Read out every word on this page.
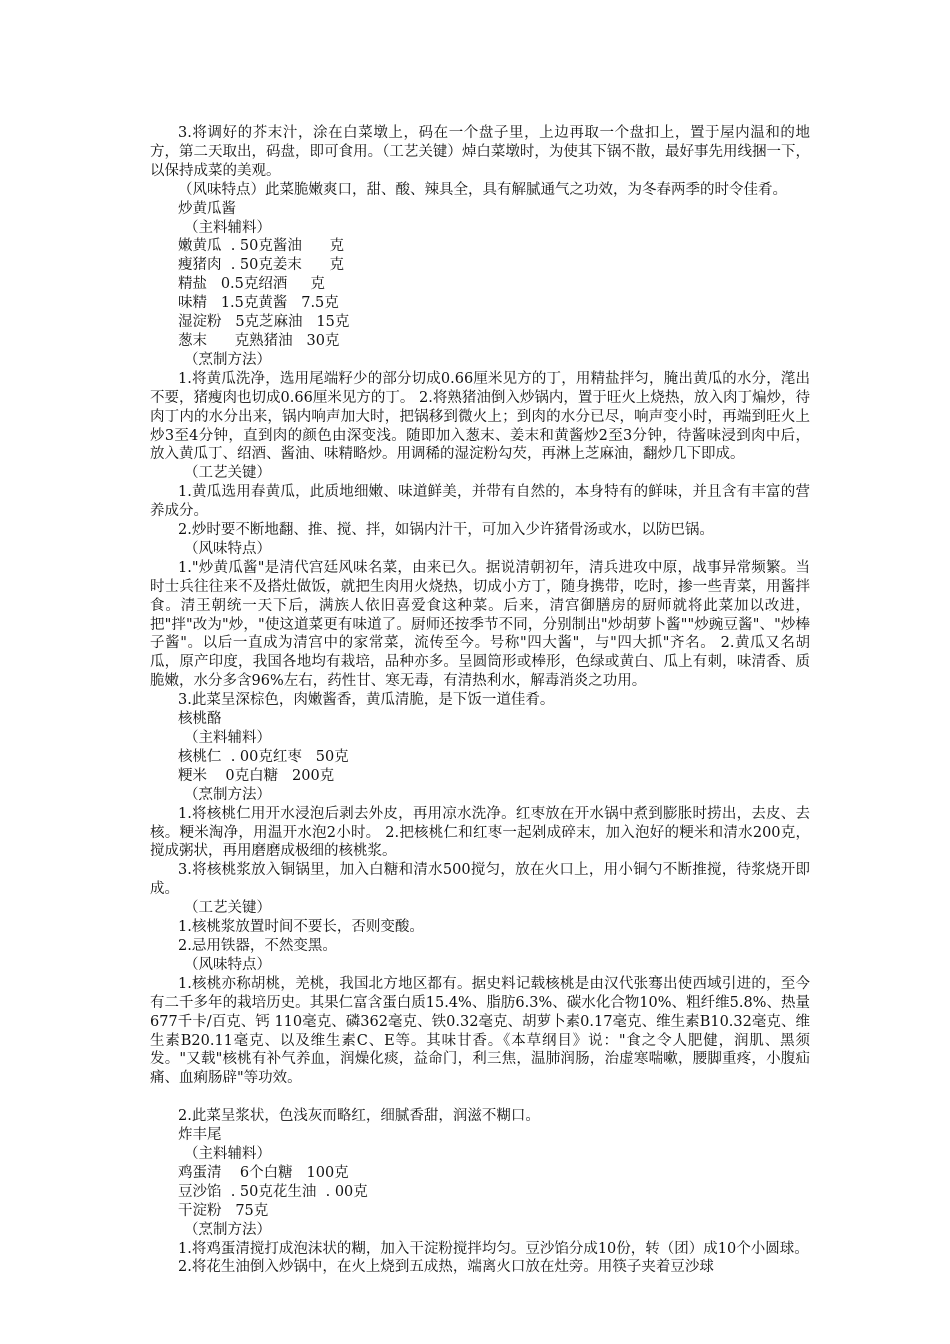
3.将调好的芥末汁，涂在白菜墩上，码在一个盘子里，上边再取一个盘扣上，置于屋内温和的地方，第二天取出，码盘，即可食用。（工艺关键）焯白菜墩时，为使其下锅不散，最好事先用线捆一下，以保持成菜的美观。

（风味特点）此菜脆嫩爽口，甜、酸、辣具全，具有解腻通气之功效，为冬春两季的时令佳肴。

炒黄瓜酱

（主料辅料）

嫩黄瓜  . 50克酱油      克

瘦猪肉  . 50克姜末      克

精盐   0.5克绍酒     克

味精   1.5克黄酱   7.5克

湿淀粉   5克芝麻油   15克

葱末      克熟猪油   30克

（烹制方法）

1.将黄瓜洗净，选用尾端籽少的部分切成0.66厘米见方的丁，用精盐拌匀，腌出黄瓜的水分，滗出不要，猪瘦肉也切成0.66厘米见方的丁。 2.将熟猪油倒入炒锅内，置于旺火上烧热，放入肉丁煸炒，待肉丁内的水分出来，锅内响声加大时，把锅移到微火上；到肉的水分已尽，响声变小时，再端到旺火上炒3至4分钟，直到肉的颜色由深变浅。随即加入葱末、姜末和黄酱炒2至3分钟，待酱味浸到肉中后，放入黄瓜丁、绍酒、酱油、味精略炒。用调稀的湿淀粉勾芡，再淋上芝麻油，翻炒几下即成。

（工艺关键）

1.黄瓜选用春黄瓜，此质地细嫩、味道鲜美，并带有自然的，本身特有的鲜味，并且含有丰富的营养成分。

2.炒时要不断地翻、推、搅、拌，如锅内汁干，可加入少许猪骨汤或水，以防巴锅。

（风味特点）

1."炒黄瓜酱"是清代宫廷风味名菜，由来已久。据说清朝初年，清兵进攻中原，战事异常频繁。当时士兵往往来不及搭灶做饭，就把生肉用火烧热，切成小方丁，随身携带，吃时，掺一些青菜，用酱拌食。清王朝统一天下后，满族人依旧喜爱食这种菜。后来，清宫御膳房的厨师就将此菜加以改进，把"拌"改为"炒，"使这道菜更有味道了。厨师还按季节不同，分别制出"炒胡萝卜酱""炒豌豆酱"、"炒棒子酱"。以后一直成为清宫中的家常菜，流传至今。号称"四大酱"，与"四大抓"齐名。 2.黄瓜又名胡瓜，原产印度，我国各地均有栽培，品种亦多。呈圆筒形或棒形，色绿或黄白、瓜上有刺，味清香、质脆嫩，水分多含96%左右，药性甘、寒无毒，有清热利水，解毒消炎之功用。

3.此菜呈深棕色，肉嫩酱香，黄瓜清脆，是下饭一道佳肴。

核桃酪

（主料辅料）

核桃仁  . 00克红枣   50克

粳米    0克白糖   200克

（烹制方法）

1.将核桃仁用开水浸泡后剥去外皮，再用凉水洗净。红枣放在开水锅中煮到膨胀时捞出，去皮、去核。粳米淘净，用温开水泡2小时。 2.把核桃仁和红枣一起剁成碎末，加入泡好的粳米和清水200克，搅成粥状，再用磨磨成极细的核桃浆。

3.将核桃浆放入铜锅里，加入白糖和清水500搅匀，放在火口上，用小铜勺不断推搅，待浆烧开即成。

（工艺关键）

1.核桃浆放置时间不要长，否则变酸。

2.忌用铁器，不然变黑。

（风味特点）

1.核桃亦称胡桃，羌桃，我国北方地区都有。据史料记载核桃是由汉代张骞出使西域引进的，至今有二千多年的栽培历史。其果仁富含蛋白质15.4%、脂肪6.3%、碳水化合物10%、粗纤维5.8%、热量677千卡/百克、钙 110毫克、磷362毫克、铁0.32毫克、胡萝卜素0.17毫克、维生素B10.32毫克、维生素B20.11毫克、以及维生素C、E等。其味甘香。《本草纲目》说："食之令人肥健，润肌、黑须发。"又载"核桃有补气养血，润燥化痰，益命门，利三焦，温肺润肠，治虚寒喘嗽，腰脚重疼，小腹疝痛、血痢肠辟"等功效。

2.此菜呈浆状，色浅灰而略红，细腻香甜，润滋不糊口。

炸丰尾

（主料辅料）

鸡蛋清    6个白糖   100克

豆沙馅  . 50克花生油  . 00克

干淀粉   75克

（烹制方法）

1.将鸡蛋清搅打成泡沫状的糊，加入干淀粉搅拌均匀。豆沙馅分成10份，转（团）成10个小圆球。

2.将花生油倒入炒锅中，在火上烧到五成热，端离火口放在灶旁。用筷子夹着豆沙球
